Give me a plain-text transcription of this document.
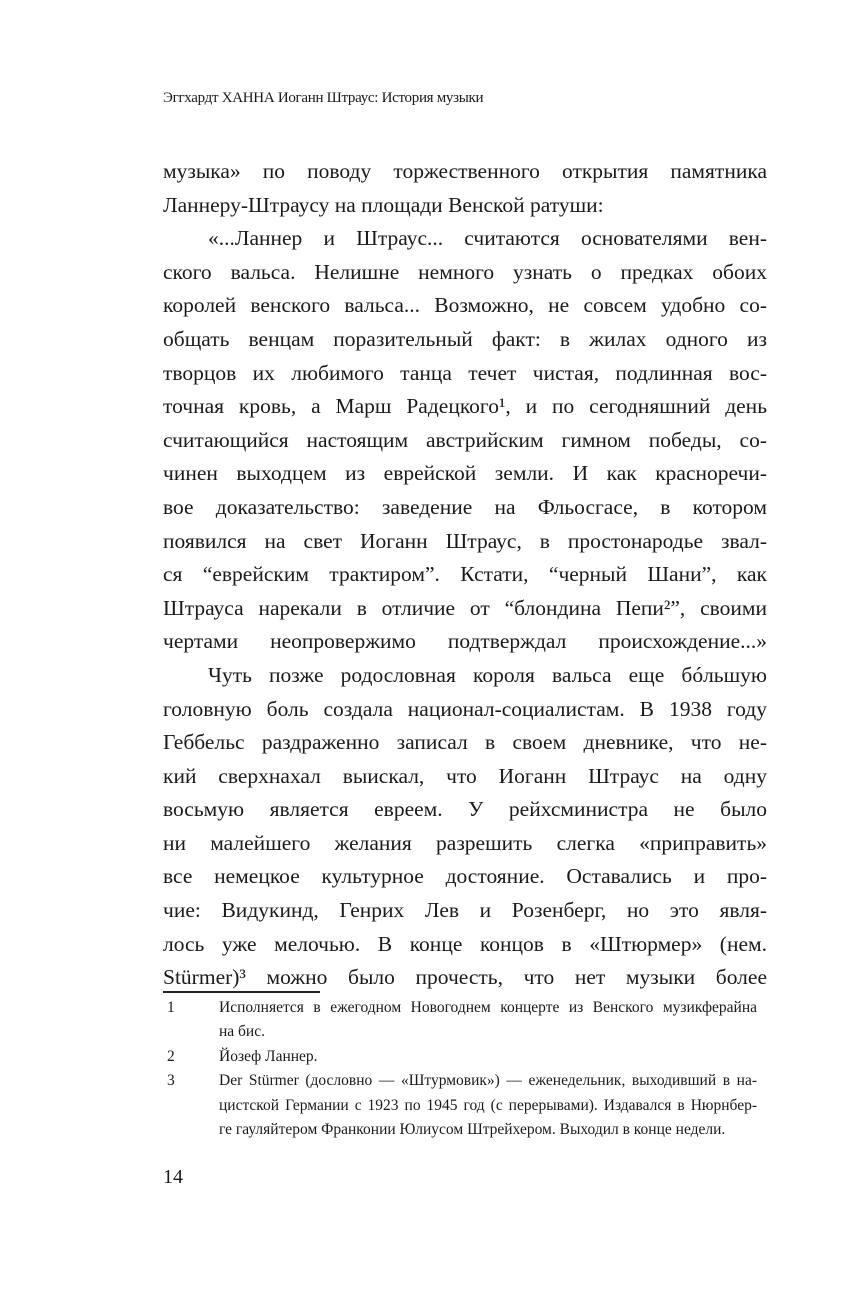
Эггхардт ХАННА Иоганн Штраус: История музыки
музыка» по поводу торжественного открытия памятника
Ланнеру-Штраусу на площади Венской ратуши:
«...Ланнер и Штраус... считаются основателями вен-
ского вальса. Нелишне немного узнать о предках обоих
королей венского вальса... Возможно, не совсем удобно со-
общать венцам поразительный факт: в жилах одного из
творцов их любимого танца течет чистая, подлинная вос-
точная кровь, а Марш Радецкого¹, и по сегодняшний день
считающийся настоящим австрийским гимном победы, со-
чинен выходцем из еврейской земли. И как красноречи-
вое доказательство: заведение на Фльосгасе, в котором
появился на свет Иоганн Штраус, в простонародье звал-
ся “еврейским трактиром”. Кстати, “черный Шани”, как
Штрауса нарекали в отличие от “блондина Пепи²”, своими
чертами неопровержимо подтверждал происхождение...»
Чуть позже родословная короля вальса еще бóльшую
головную боль создала национал-социалистам. В 1938 году
Геббельс раздраженно записал в своем дневнике, что не-
кий сверхнахал выискал, что Иоганн Штраус на одну
восьмую является евреем. У рейхсминистра не было
ни малейшего желания разрешить слегка «приправить»
все немецкое культурное достояние. Оставались и про-
чие: Видукинд, Генрих Лев и Розенберг, но это явля-
лось уже мелочью. В конце концов в «Штюрмер» (нем.
Stürmer)³ можно было прочесть, что нет музыки более
1	Исполняется в ежегодном Новогоднем концерте из Венского музикферайна
на бис.
2	Йозеф Ланнер.
3	Der Stürmer (дословно — «Штурмовик») — еженедельник, выходивший в на-
цистской Германии с 1923 по 1945 год (с перерывами). Издавался в Нюрнбер-
ге гауляйтером Франконии Юлиусом Штрейхером. Выходил в конце недели.
14
